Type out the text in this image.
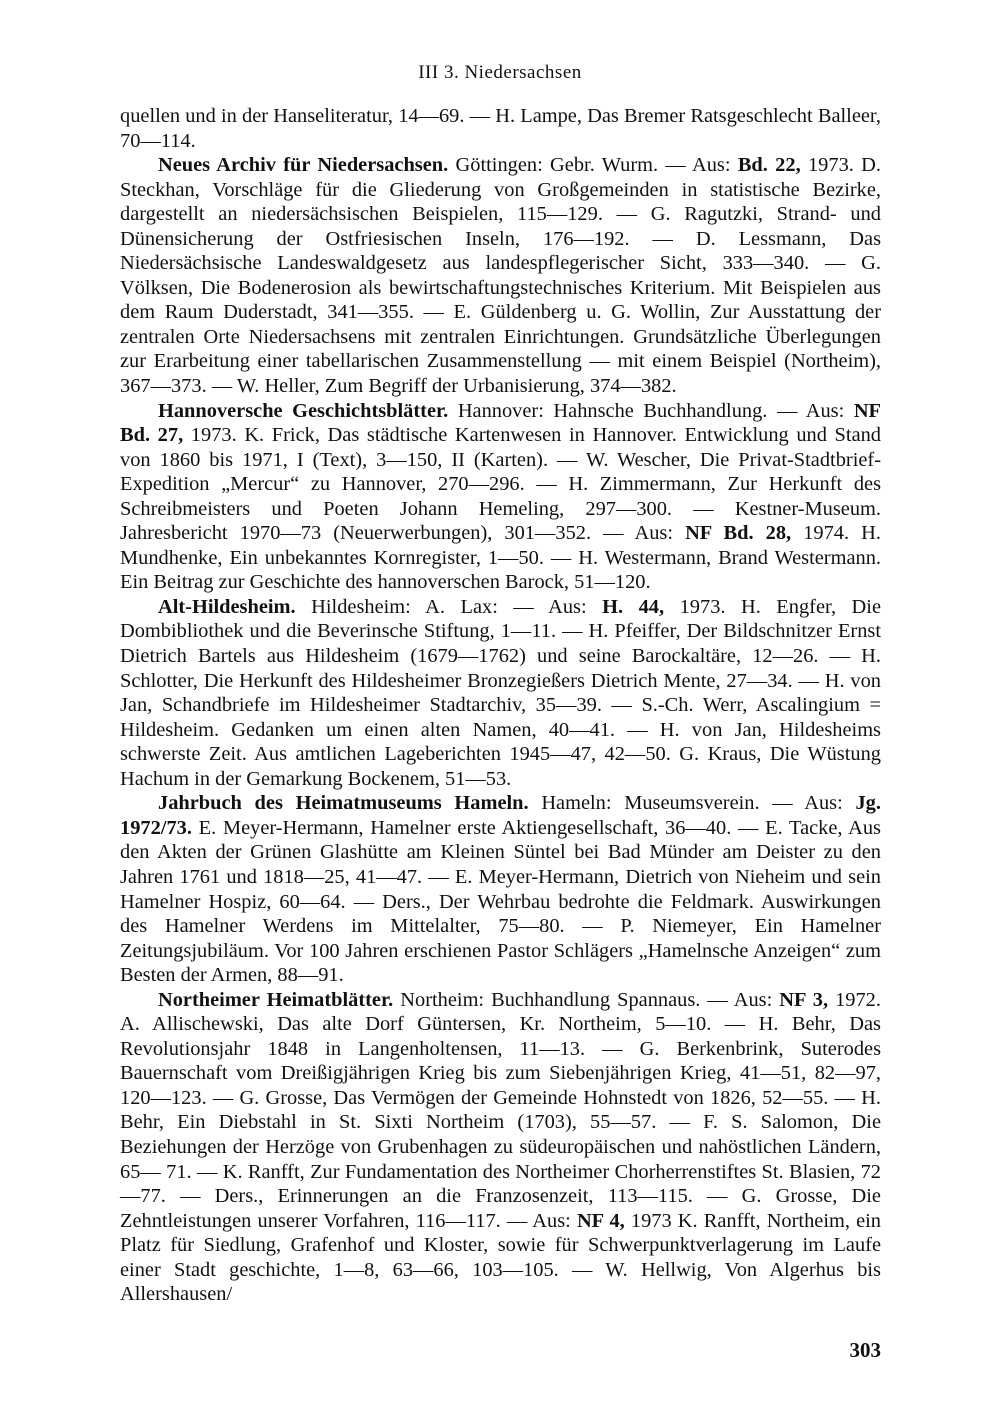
III 3. Niedersachsen

quellen und in der Hanseliteratur, 14—69. — H. Lampe, Das Bremer Ratsgeschlecht Balleer, 70—114.

Neues Archiv für Niedersachsen. Göttingen: Gebr. Wurm. — Aus: Bd. 22, 1973. D. Steckhan, Vorschläge für die Gliederung von Großgemeinden in statistische Bezirke, dargestellt an niedersächsischen Beispielen, 115—129. — G. Ragutzki, Strand- und Dünensicherung der Ostfriesischen Inseln, 176—192. — D. Lessmann, Das Niedersächsische Landeswaldgesetz aus landespflegerischer Sicht, 333—340. — G. Völksen, Die Bodenerosion als bewirtschaftungstechnisches Kriterium. Mit Beispielen aus dem Raum Duderstadt, 341—355. — E. Güldenberg u. G. Wollin, Zur Ausstattung der zentralen Orte Niedersachsens mit zentralen Einrichtungen. Grundsätzliche Überlegungen zur Erarbeitung einer tabellarischen Zusammenstellung — mit einem Beispiel (Northeim), 367—373. — W. Heller, Zum Begriff der Urbanisierung, 374—382.

Hannoversche Geschichtsblätter. Hannover: Hahnsche Buchhandlung. — Aus: NF Bd. 27, 1973. K. Frick, Das städtische Kartenwesen in Hannover. Entwicklung und Stand von 1860 bis 1971, I (Text), 3—150, II (Karten). — W. Wescher, Die Privat-Stadtbrief-Expedition „Mercur“ zu Hannover, 270—296. — H. Zimmermann, Zur Herkunft des Schreibmeisters und Poeten Johann Hemeling, 297—300. — Kestner-Museum. Jahresbericht 1970—73 (Neuerwerbungen), 301—352. — Aus: NF Bd. 28, 1974. H. Mundhenke, Ein unbekanntes Kornregister, 1—50. — H. Westermann, Brand Westermann. Ein Beitrag zur Geschichte des hannoverschen Barock, 51—120.

Alt-Hildesheim. Hildesheim: A. Lax: — Aus: H. 44, 1973. H. Engfer, Die Dombibliothek und die Beverinsche Stiftung, 1—11. — H. Pfeiffer, Der Bildschnitzer Ernst Dietrich Bartels aus Hildesheim (1679—1762) und seine Barockaltäre, 12—26. — H. Schlotter, Die Herkunft des Hildesheimer Bronzegießers Dietrich Mente, 27—34. — H. von Jan, Schandbriefe im Hildesheimer Stadtarchiv, 35—39. — S.-Ch. Werr, Ascalingium = Hildesheim. Gedanken um einen alten Namen, 40—41. — H. von Jan, Hildesheims schwerste Zeit. Aus amtlichen Lageberichten 1945—47, 42—50. G. Kraus, Die Wüstung Hachum in der Gemarkung Bockenem, 51—53.

Jahrbuch des Heimatmuseums Hameln. Hameln: Museumsverein. — Aus: Jg. 1972/73. E. Meyer-Hermann, Hamelner erste Aktiengesellschaft, 36—40. — E. Tacke, Aus den Akten der Grünen Glashütte am Kleinen Süntel bei Bad Münder am Deister zu den Jahren 1761 und 1818—25, 41—47. — E. Meyer-Hermann, Dietrich von Nieheim und sein Hamelner Hospiz, 60—64. — Ders., Der Wehrbau bedrohte die Feldmark. Auswirkungen des Hamelner Werdens im Mittelalter, 75—80. — P. Niemeyer, Ein Hamelner Zeitungsjubiläum. Vor 100 Jahren erschienen Pastor Schlägers „Hamelnsche Anzeigen“ zum Besten der Armen, 88—91.

Northeimer Heimatblätter. Northeim: Buchhandlung Spannaus. — Aus: NF 3, 1972. A. Allischewski, Das alte Dorf Güntersen, Kr. Northeim, 5—10. — H. Behr, Das Revolutionsjahr 1848 in Langenholtensen, 11—13. — G. Berkenbrink, Suterodes Bauernschaft vom Dreißigjährigen Krieg bis zum Siebenjährigen Krieg, 41—51, 82—97, 120—123. — G. Grosse, Das Vermögen der Gemeinde Hohnstedt von 1826, 52—55. — H. Behr, Ein Diebstahl in St. Sixti Northeim (1703), 55—57. — F. S. Salomon, Die Beziehungen der Herzöge von Grubenhagen zu südeuropäischen und nahöstlichen Ländern, 65— 71. — K. Ranfft, Zur Fundamentation des Northeimer Chorherrenstiftes St. Blasien, 72—77. — Ders., Erinnerungen an die Franzosenzeit, 113—115. — G. Grosse, Die Zehntleistungen unserer Vorfahren, 116—117. — Aus: NF 4, 1973 K. Ranfft, Northeim, ein Platz für Siedlung, Grafenhof und Kloster, sowie für Schwerpunktverlagerung im Laufe einer Stadt geschichte, 1—8, 63—66, 103—105. — W. Hellwig, Von Algerhus bis Allershausen/

303
